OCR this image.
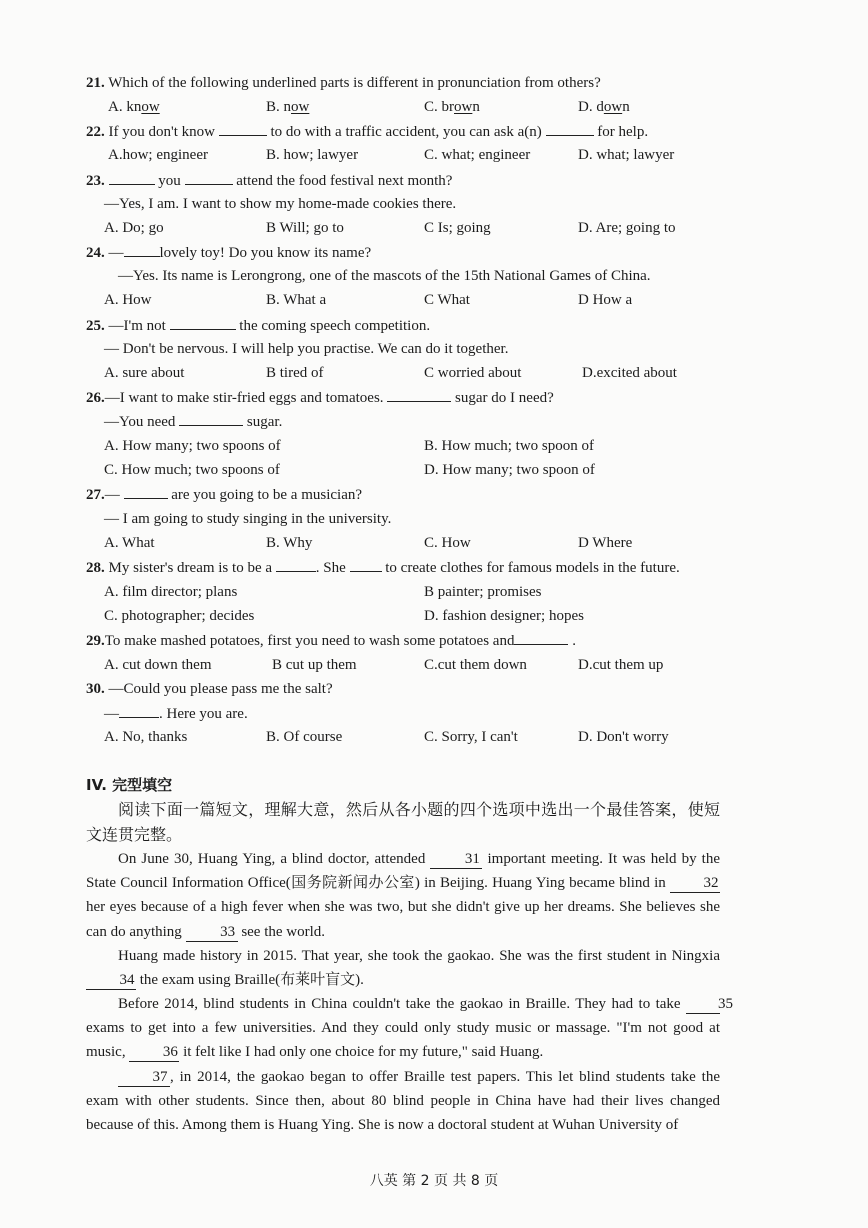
21. Which of the following underlined parts is different in pronunciation from others?
A. know	B. now	C. brown	D. down
22. If you don't know	to do with a traffic accident, you can ask a(n)	for help.
A.how; engineer	B. how; lawyer	C. what; engineer	D. what; lawyer
23.	you	attend the food festival next month?
—Yes, I am. I want to show my home-made cookies there.
A. Do; go	B Will; go to	C Is; going	D. Are; going to
24. — lovely toy! Do you know its name?
—Yes. Its name is Lerongrong, one of the mascots of the 15th National Games of China.
A. How	B. What a	C What	D How a
25. —I'm not	the coming speech competition.
— Don't be nervous. I will help you practise. We can do it together.
A. sure about	B tired of	C worried about	D.excited about
26.—I want to make stir-fried eggs and tomatoes.	sugar do I need?
—You need	sugar.
A. How many; two spoons of	B. How much; two spoon of
C. How much; two spoons of	D. How many; two spoon of
27.—	are you going to be a musician?
— I am going to study singing in the university.
A. What	B. Why	C. How	D Where
28. My sister's dream is to be a	. She	to create clothes for famous models in the future.
A. film director; plans	B painter; promises
C. photographer; decides	D. fashion designer; hopes
29.To make mashed potatoes, first you need to wash some potatoes and	.
A. cut down them	B cut up them	C.cut them down	D.cut them up
30. —Could you please pass me the salt?
—	. Here you are.
A. No, thanks	B. Of course	C. Sorry, I can't	D. Don't worry
IV. 完型填空
阅读下面一篇短文，理解大意，然后从各小题的四个选项中选出一个最佳答案，使短文连贯完整。
On June 30, Huang Ying, a blind doctor, attended	31 important meeting. It was held by the State Council Information Office(国务院新闻办公室) in Beijing. Huang Ying became blind in	32 her eyes because of a high fever when she was two, but she didn't give up her dreams. She believes she can do anything	33 see the world.
Huang made history in 2015. That year, she took the gaokao. She was the first student in Ningxia 34 the exam using Braille(布莱叶盲文).
Before 2014, blind students in China couldn't take the gaokao in Braille. They had to take 35 exams to get into a few universities. And they could only study music or massage. "I'm not good at music, 36 it felt like I had only one choice for my future," said Huang.
37 , in 2014, the gaokao began to offer Braille test papers. This let blind students take the exam with other students. Since then, about 80 blind people in China have had their lives changed because of this. Among them is Huang Ying. She is now a doctoral student at Wuhan University of
八英 第 2 页 共 8 页
